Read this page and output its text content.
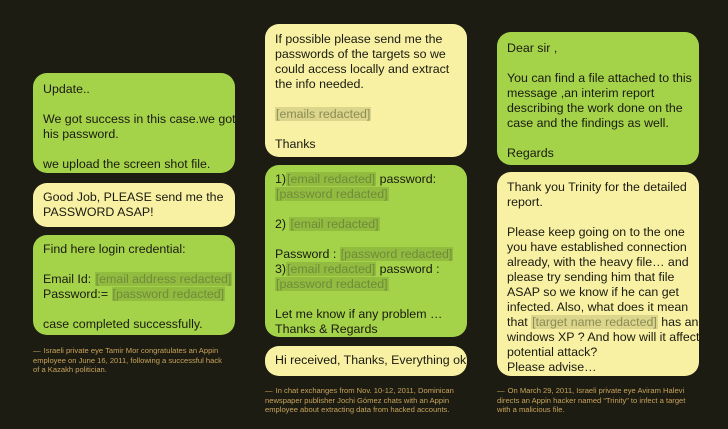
Update..
We got success in this case.we got
his password.
we upload the screen shot file.
Good Job, PLEASE send me the
PASSWORD ASAP!
Find here login credential:
Email Id: [email address redacted]
Password:= [password redacted]
case completed successfully.
— Israeli private eye Tamir Mor congratulates an Appin employee on June 16, 2011, following a successful hack of a Kazakh politician.
If possible please send me the
passwords of the targets so we
could access locally and extract
the info needed.
[emails redacted]
Thanks
1)[email redacted] password:
[password redacted]
2) [email redacted]
Password : [password redacted]
3)[email redacted] password :
[password redacted]
Let me know if any problem …
Thanks & Regards
Hi received, Thanks, Everything ok.
— In chat exchanges from Nov. 10-12, 2011, Dominican newspaper publisher Jochi Gómez chats with an Appin employee about extracting data from hacked accounts.
Dear sir ,
You can find a file attached to this
message ,an interim report
describing the work done on the
case and the findings as well.
Regards
Thank you Trinity for the detailed
report.
Please keep going on to the one
you have established connection
already, with the heavy file… and
please try sending him that file
ASAP so we know if he can get
infected. Also, what does it mean
that [target name redacted] has an
windows XP ? And how will it affect
potential attack?
Please advise…
— On March 29, 2011, Israeli private eye Aviram Halevi directs an Appin hacker named “Trinity” to infect a target with a malicious file.
